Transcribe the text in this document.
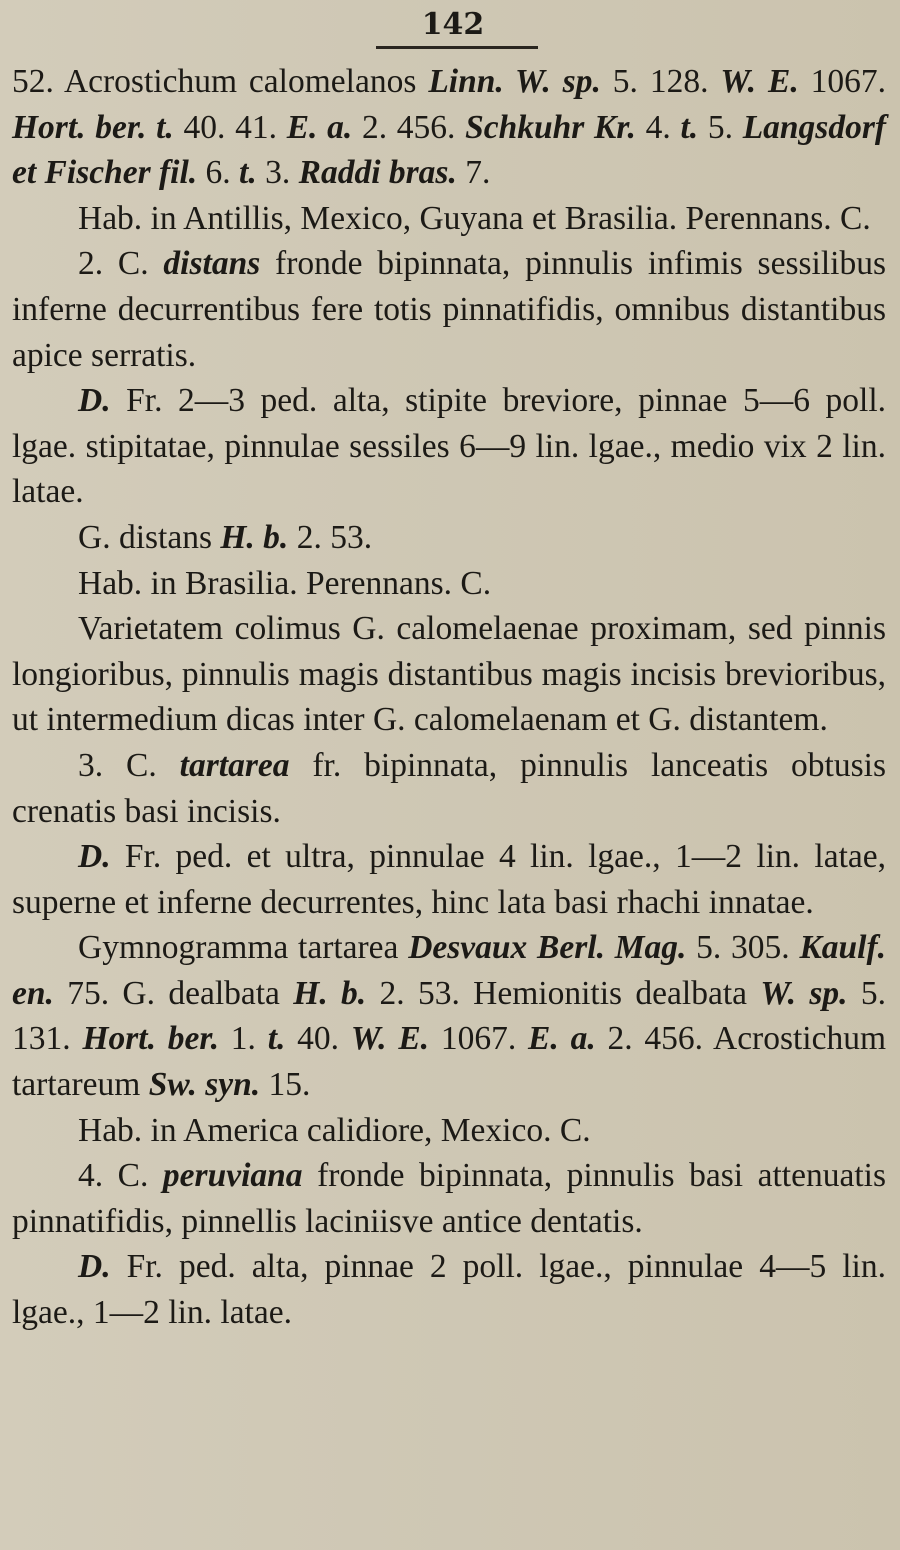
142

52. Acrostichum calomelanos Linn. W. sp. 5. 128. W. E. 1067. Hort. ber. t. 40. 41. E. a. 2. 456. Schkuhr Kr. 4. t. 5. Langsdorf et Fischer fil. 6. t. 3. Raddi bras. 7.

Hab. in Antillis, Mexico, Guyana et Brasilia. Perennans. C.

2. C. distans fronde bipinnata, pinnulis infimis sessilibus inferne decurrentibus fere totis pinnatifidis, omnibus distantibus apice serratis.

D. Fr. 2—3 ped. alta, stipite breviore, pinnae 5—6 poll. lgae. stipitatae, pinnulae sessiles 6—9 lin. lgae., medio vix 2 lin. latae.

G. distans H. b. 2. 53.

Hab. in Brasilia. Perennans. C.

Varietatem colimus G. calomelaenae proximam, sed pinnis longioribus, pinnulis magis distantibus magis incisis brevioribus, ut intermedium dicas inter G. calomelaenam et G. distantem.

3. C. tartarea fr. bipinnata, pinnulis lanceatis obtusis crenatis basi incisis.

D. Fr. ped. et ultra, pinnulae 4 lin. lgae., 1—2 lin. latae, superne et inferne decurrentes, hinc lata basi rhachi innatae.

Gymnogramma tartarea Desvaux Berl. Mag. 5. 305. Kaulf. en. 75. G. dealbata H. b. 2. 53. Hemionitis dealbata W. sp. 5. 131. Hort. ber. 1. t. 40. W. E. 1067. E. a. 2. 456. Acrostichum tartareum Sw. syn. 15.

Hab. in America calidiore, Mexico. C.

4. C. peruviana fronde bipinnata, pinnulis basi attenuatis pinnatifidis, pinnellis laciniisve antice dentatis.

D. Fr. ped. alta, pinnae 2 poll. lgae., pinnulae 4—5 lin. lgae., 1—2 lin. latae.
